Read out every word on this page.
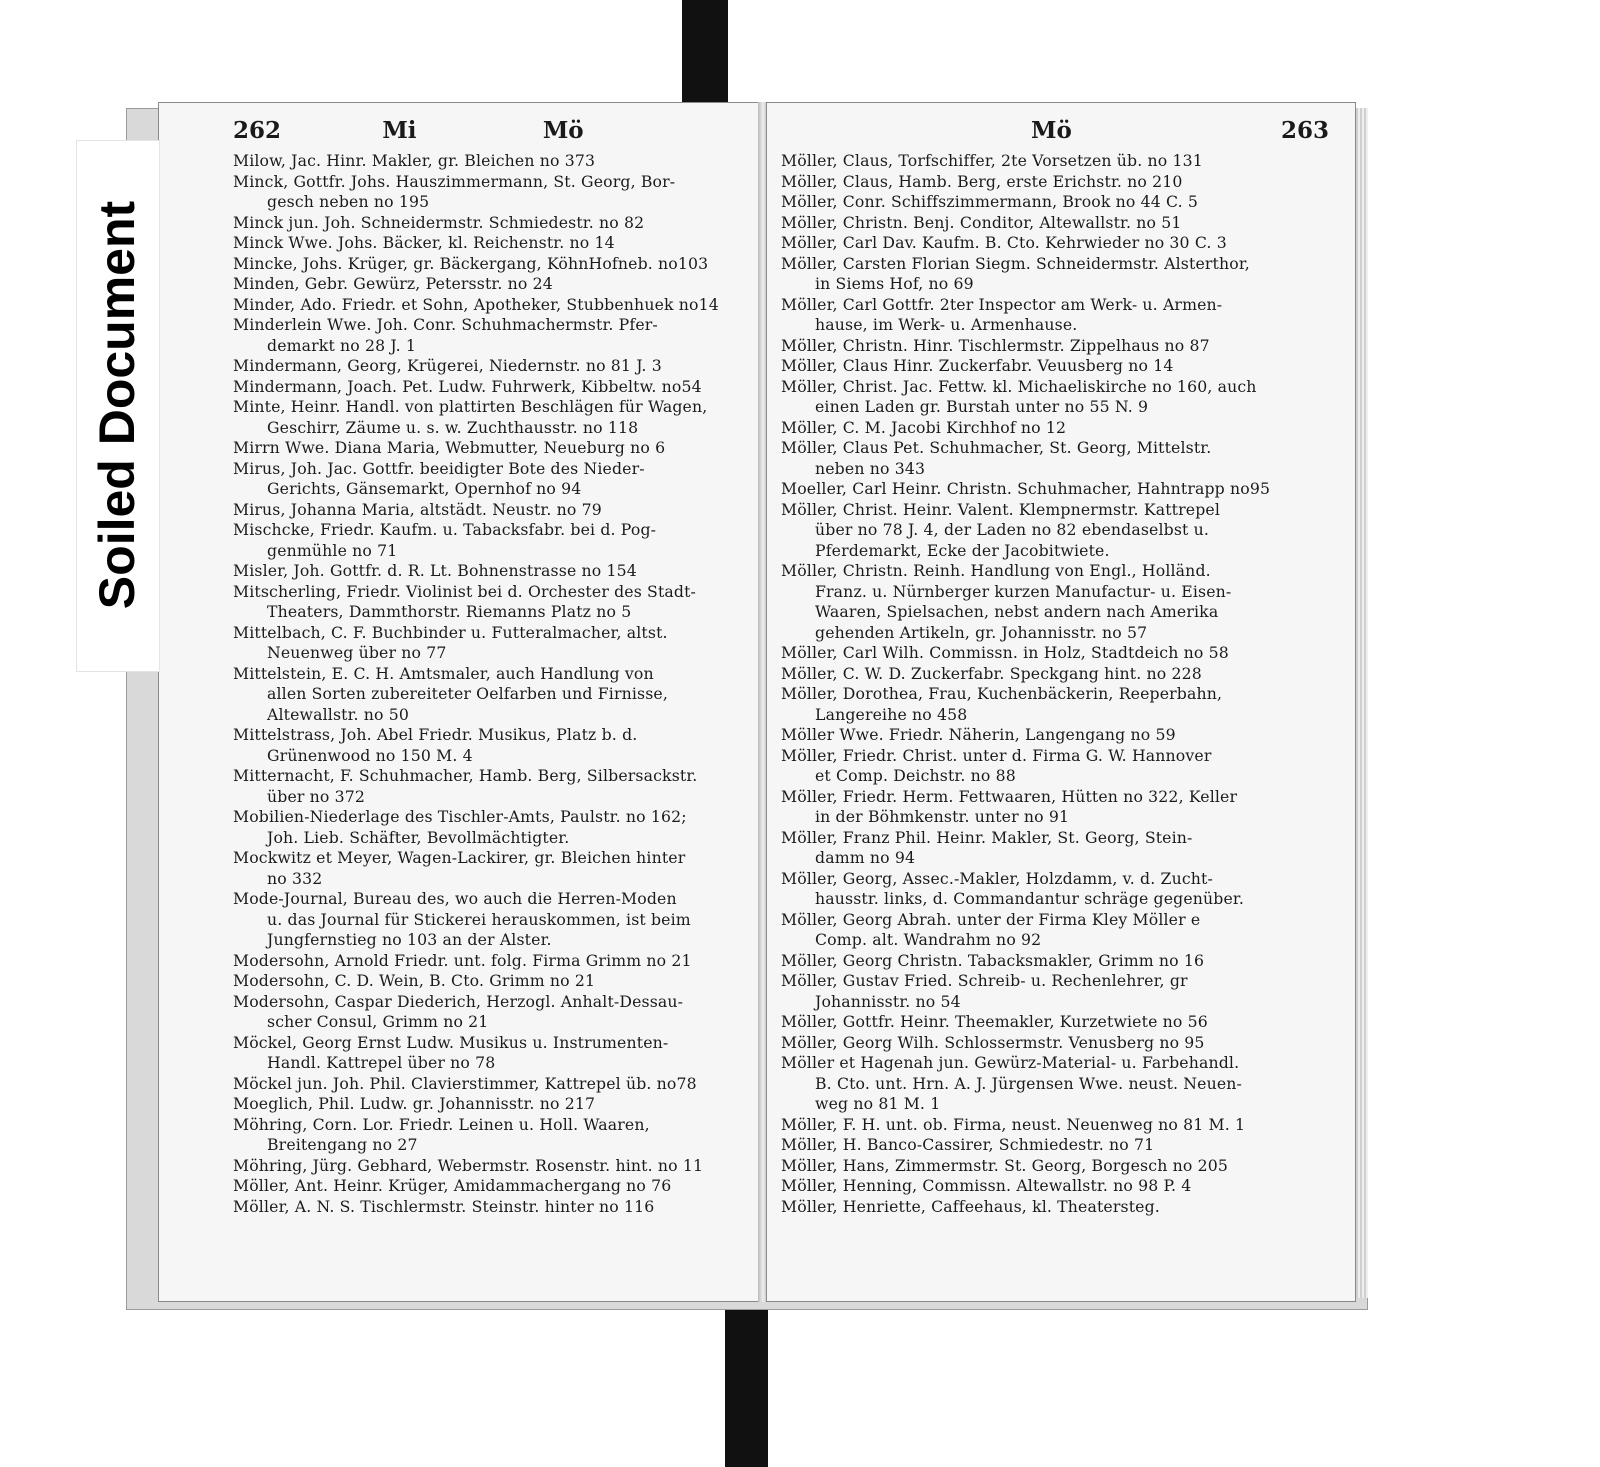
262	Mi	Mö
Milow, Jac. Hinr. Makler, gr. Bleichen no 373
Minck, Gottfr. Johs. Hauszimmermann, St. Georg, Bor-
gesch neben no 195
Minck jun. Joh. Schneidermstr. Schmiedestr. no 82
Minck Wwe. Johs. Bäcker, kl. Reichenstr. no 14
Mincke, Johs. Krüger, gr. Bäckergang, KöhnHofneb. no103
Minden, Gebr. Gewürz, Petersstr. no 24
Minder, Ado. Friedr. et Sohn, Apotheker, Stubbenhuek no14
Minderlein Wwe. Joh. Conr. Schuhmachermstr. Pfer-
demarkt no 28 J. 1
Mindermann, Georg, Krügerei, Niedernstr. no 81 J. 3
Mindermann, Joach. Pet. Ludw. Fuhrwerk, Kibbeltw. no54
Minte, Heinr. Handl. von plattirten Beschlägen für Wagen,
Geschirr, Zäume u. s. w. Zuchthausstr. no 118
Mirrn Wwe. Diana Maria, Webmutter, Neueburg no 6
Mirus, Joh. Jac. Gottfr. beeidigter Bote des Nieder-
Gerichts, Gänsemarkt, Opernhof no 94
Mirus, Johanna Maria, altstädt. Neustr. no 79
Mischcke, Friedr. Kaufm. u. Tabacksfabr. bei d. Pog-
genmühle no 71
Misler, Joh. Gottfr. d. R. Lt. Bohnenstrasse no 154
Mitscherling, Friedr. Violinist bei d. Orchester des Stadt-
Theaters, Dammthorstr. Riemanns Platz no 5
Mittelbach, C. F. Buchbinder u. Futteralmacher, altst.
Neuenweg über no 77
Mittelstein, E. C. H. Amtsmaler, auch Handlung von
allen Sorten zubereiteter Oelfarben und Firnisse,
Altewallstr. no 50
Mittelstrass, Joh. Abel Friedr. Musikus, Platz b. d.
Grünenwood no 150 M. 4
Mitternacht, F. Schuhmacher, Hamb. Berg, Silbersackstr.
über no 372
Mobilien-Niederlage des Tischler-Amts, Paulstr. no 162;
Joh. Lieb. Schäfter, Bevollmächtigter.
Mockwitz et Meyer, Wagen-Lackirer, gr. Bleichen hinter
no 332
Mode-Journal, Bureau des, wo auch die Herren-Moden
u. das Journal für Stickerei herauskommen, ist beim
Jungfernstieg no 103 an der Alster.
Modersohn, Arnold Friedr. unt. folg. Firma Grimm no 21
Modersohn, C. D. Wein, B. Cto. Grimm no 21
Modersohn, Caspar Diederich, Herzogl. Anhalt-Dessau-
scher Consul, Grimm no 21
Möckel, Georg Ernst Ludw. Musikus u. Instrumenten-
Handl. Kattrepel über no 78
Möckel jun. Joh. Phil. Clavierstimmer, Kattrepel üb. no78
Moeglich, Phil. Ludw. gr. Johannisstr. no 217
Möhring, Corn. Lor. Friedr. Leinen u. Holl. Waaren,
Breitengang no 27
Möhring, Jürg. Gebhard, Webermstr. Rosenstr. hint. no 11
Möller, Ant. Heinr. Krüger, Amidammachergang no 76
Möller, A. N. S. Tischlermstr. Steinstr. hinter no 116
Mö	263
Möller, Claus, Torfschiffer, 2te Vorsetzen üb. no 131
Möller, Claus, Hamb. Berg, erste Erichstr. no 210
Möller, Conr. Schiffszimmermann, Brook no 44 C. 5
Möller, Christn. Benj. Conditor, Altewallstr. no 51
Möller, Carl Dav. Kaufm. B. Cto. Kehrwieder no 30 C. 3
Möller, Carsten Florian Siegm. Schneidermstr. Alsterthor,
in Siems Hof, no 69
Möller, Carl Gottfr. 2ter Inspector am Werk- u. Armen-
hause, im Werk- u. Armenhause.
Möller, Christn. Hinr. Tischlermstr. Zippelhaus no 87
Möller, Claus Hinr. Zuckerfabr. Veuusberg no 14
Möller, Christ. Jac. Fettw. kl. Michaeliskirche no 160, auch
einen Laden gr. Burstah unter no 55 N. 9
Möller, C. M. Jacobi Kirchhof no 12
Möller, Claus Pet. Schuhmacher, St. Georg, Mittelstr.
neben no 343
Moeller, Carl Heinr. Christn. Schuhmacher, Hahntrapp no95
Möller, Christ. Heinr. Valent. Klempnermstr. Kattrepel
über no 78 J. 4, der Laden no 82 ebendaselbst u.
Pferdemarkt, Ecke der Jacobitwiete.
Möller, Christn. Reinh. Handlung von Engl., Holländ.
Franz. u. Nürnberger kurzen Manufactur- u. Eisen-
Waaren, Spielsachen, nebst andern nach Amerika
gehenden Artikeln, gr. Johannisstr. no 57
Möller, Carl Wilh. Commissn. in Holz, Stadtdeich no 58
Möller, C. W. D. Zuckerfabr. Speckgang hint. no 228
Möller, Dorothea, Frau, Kuchenbäckerin, Reeperbahn,
Langereihe no 458
Möller Wwe. Friedr. Näherin, Langengang no 59
Möller, Friedr. Christ. unter d. Firma G. W. Hannover
et Comp. Deichstr. no 88
Möller, Friedr. Herm. Fettwaaren, Hütten no 322, Keller
in der Böhmkenstr. unter no 91
Möller, Franz Phil. Heinr. Makler, St. Georg, Stein-
damm no 94
Möller, Georg, Assec.-Makler, Holzdamm, v. d. Zucht-
hausstr. links, d. Commandantur schräge gegenüber.
Möller, Georg Abrah. unter der Firma Kley Möller e
Comp. alt. Wandrahm no 92
Möller, Georg Christn. Tabacksmakler, Grimm no 16
Möller, Gustav Fried. Schreib- u. Rechenlehrer, gr
Johannisstr. no 54
Möller, Gottfr. Heinr. Theemakler, Kurzetwiete no 56
Möller, Georg Wilh. Schlossermstr. Venusberg no 95
Möller et Hagenah jun. Gewürz-Material- u. Farbehandl.
B. Cto. unt. Hrn. A. J. Jürgensen Wwe. neust. Neuen-
weg no 81 M. 1
Möller, F. H. unt. ob. Firma, neust. Neuenweg no 81 M. 1
Möller, H. Banco-Cassirer, Schmiedestr. no 71
Möller, Hans, Zimmermstr. St. Georg, Borgesch no 205
Möller, Henning, Commissn. Altewallstr. no 98 P. 4
Möller, Henriette, Caffeehaus, kl. Theatersteg.
Soiled Document
